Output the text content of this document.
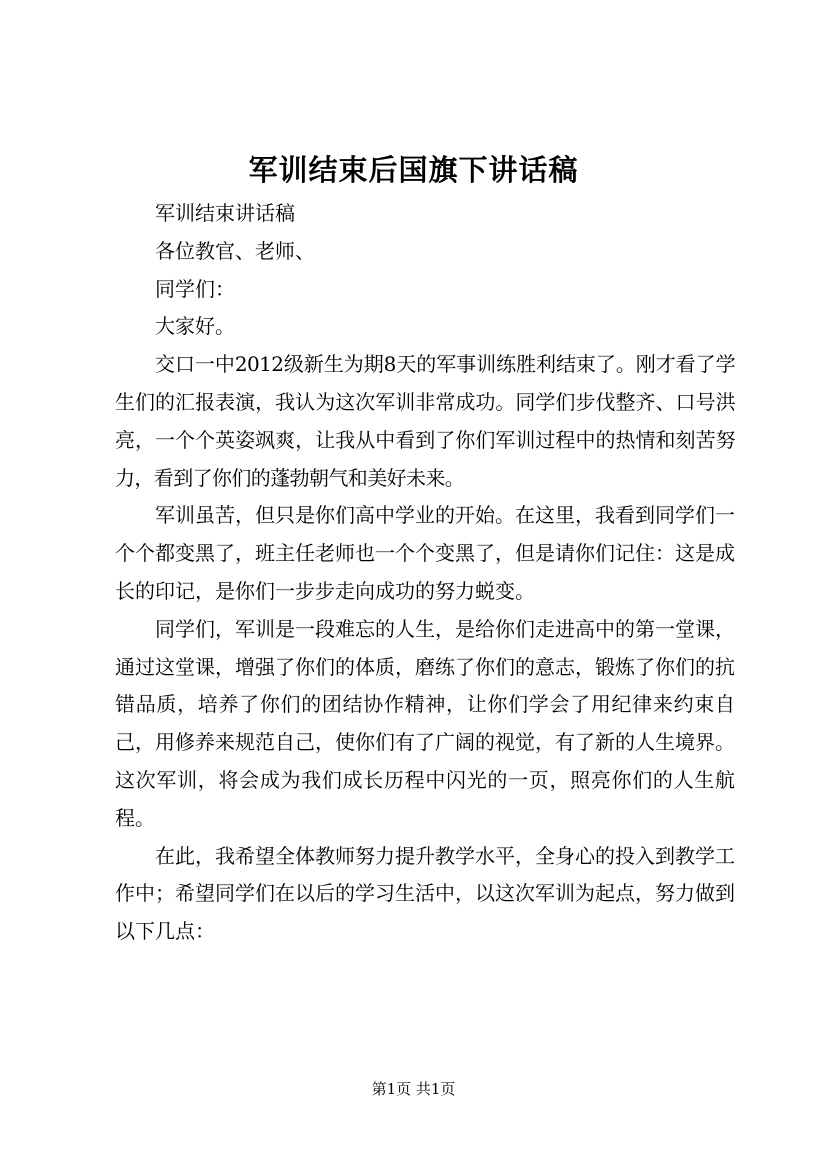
军训结束后国旗下讲话稿

军训结束讲话稿

各位教官、老师、

同学们：

大家好。

交口一中2012级新生为期8天的军事训练胜利结束了。刚才看了学生们的汇报表演，我认为这次军训非常成功。同学们步伐整齐、口号洪亮，一个个英姿飒爽，让我从中看到了你们军训过程中的热情和刻苦努力，看到了你们的蓬勃朝气和美好未来。

军训虽苦，但只是你们高中学业的开始。在这里，我看到同学们一个个都变黑了，班主任老师也一个个变黑了，但是请你们记住：这是成长的印记，是你们一步步走向成功的努力蜕变。

同学们，军训是一段难忘的人生，是给你们走进高中的第一堂课，通过这堂课，增强了你们的体质，磨练了你们的意志，锻炼了你们的抗错品质，培养了你们的团结协作精神，让你们学会了用纪律来约束自己，用修养来规范自己，使你们有了广阔的视觉，有了新的人生境界。这次军训，将会成为我们成长历程中闪光的一页，照亮你们的人生航程。

在此，我希望全体教师努力提升教学水平，全身心的投入到教学工作中；希望同学们在以后的学习生活中，以这次军训为起点，努力做到以下几点：

第1页 共1页
